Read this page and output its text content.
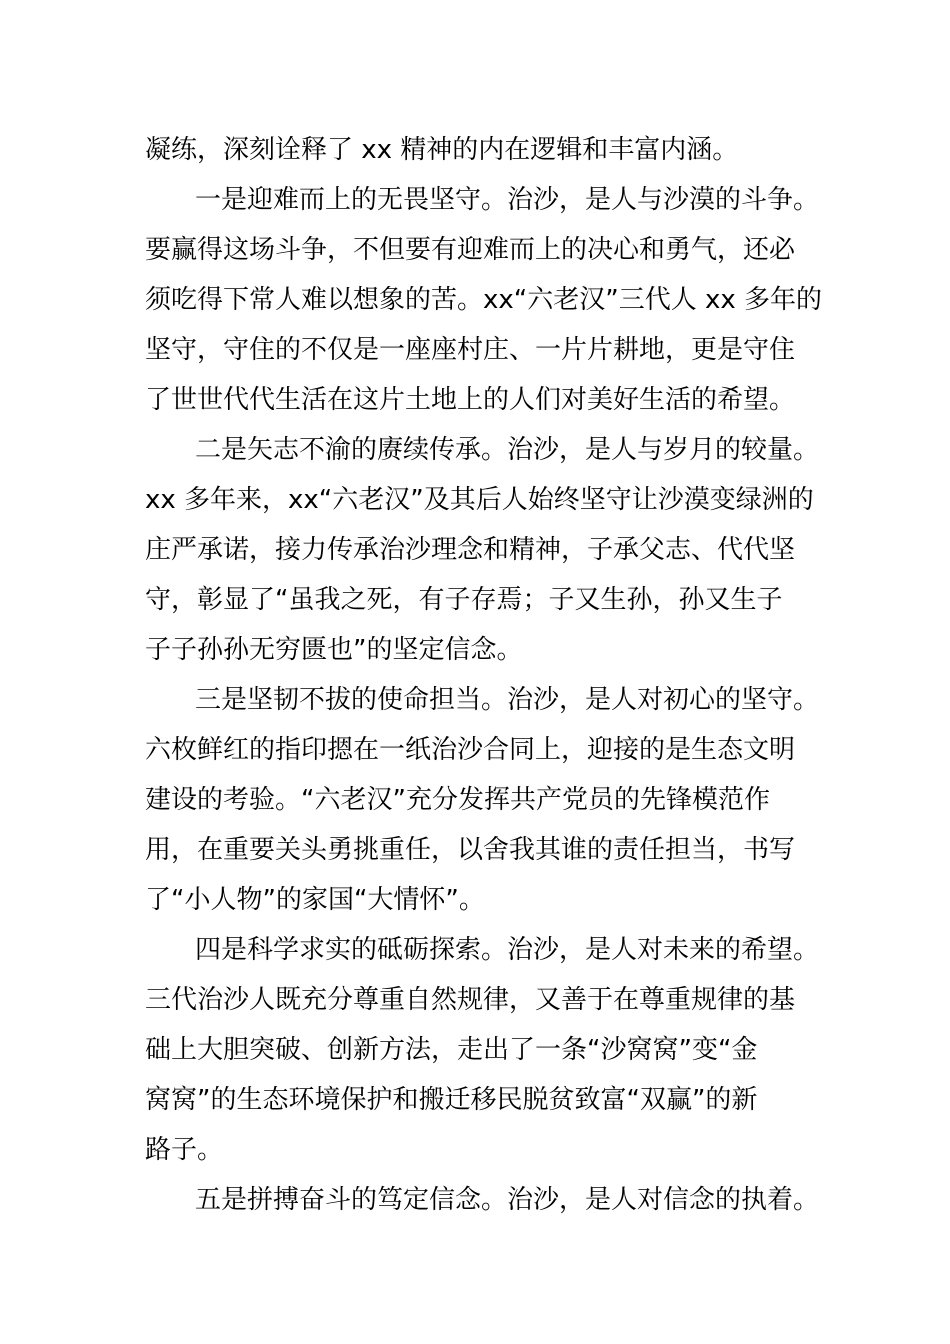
凝练，深刻诠释了 xx 精神的内在逻辑和丰富内涵。
一是迎难而上的无畏坚守。治沙，是人与沙漠的斗争。
要赢得这场斗争，不但要有迎难而上的决心和勇气，还必
须吃得下常人难以想象的苦。xx“六老汉”三代人 xx 多年的
坚守，守住的不仅是一座座村庄、一片片耕地，更是守住
了世世代代生活在这片土地上的人们对美好生活的希望。
二是矢志不渝的赓续传承。治沙，是人与岁月的较量。
xx 多年来，xx“六老汉”及其后人始终坚守让沙漠变绿洲的
庄严承诺，接力传承治沙理念和精神，子承父志、代代坚
守，彰显了“虽我之死，有子存焉；子又生孙，孙又生子
子子孙孙无穷匮也”的坚定信念。
三是坚韧不拔的使命担当。治沙，是人对初心的坚守。
六枚鲜红的指印摁在一纸治沙合同上，迎接的是生态文明
建设的考验。“六老汉”充分发挥共产党员的先锋模范作
用，在重要关头勇挑重任，以舍我其谁的责任担当，书写
了“小人物”的家国“大情怀”。
四是科学求实的砥砺探索。治沙，是人对未来的希望。
三代治沙人既充分尊重自然规律，又善于在尊重规律的基
础上大胆突破、创新方法，走出了一条“沙窝窝”变“金
窝窝”的生态环境保护和搬迁移民脱贫致富“双赢”的新
路子。
五是拼搏奋斗的笃定信念。治沙，是人对信念的执着。
